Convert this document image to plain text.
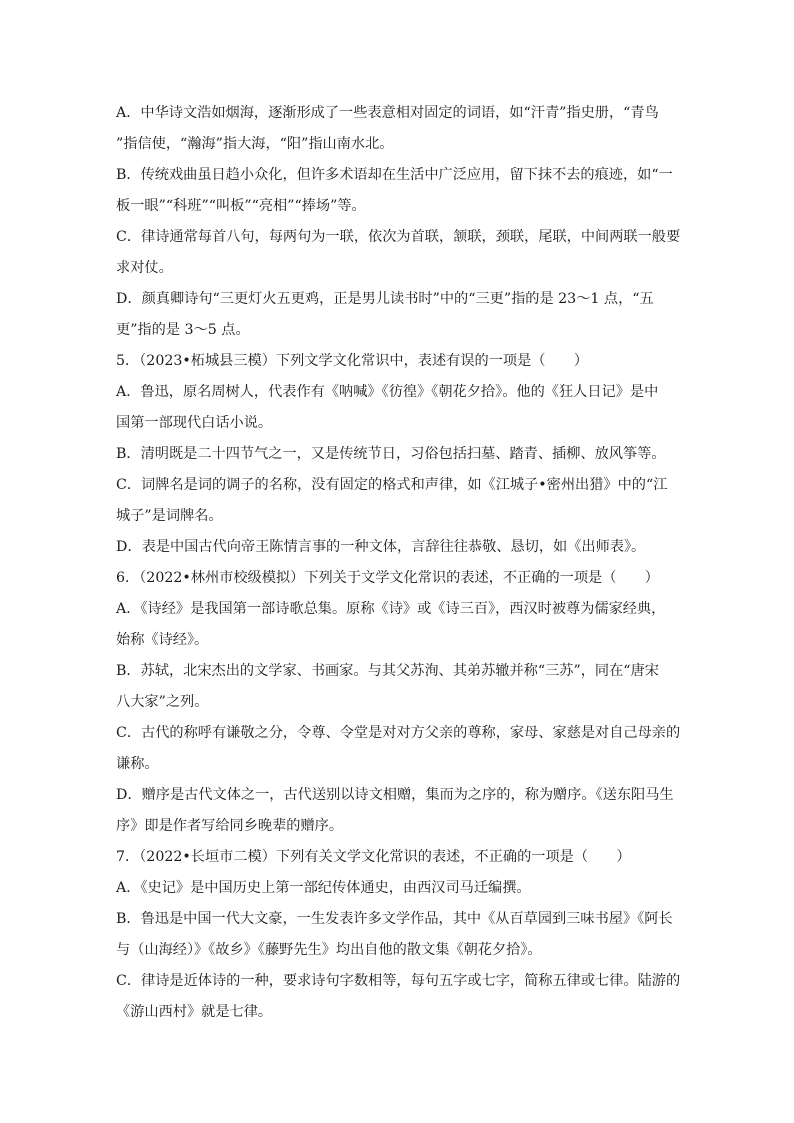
A．中华诗文浩如烟海，逐渐形成了一些表意相对固定的词语，如“汗青”指史册，“青鸟
”指信使，“瀚海”指大海，“阳”指山南水北。
B．传统戏曲虽日趋小众化，但许多术语却在生活中广泛应用，留下抹不去的痕迹，如“一
板一眼”“科班”“叫板”“亮相”“捧场”等。
C．律诗通常每首八句，每两句为一联，依次为首联，颔联，颈联，尾联，中间两联一般要
求对仗。
D．颜真卿诗句“三更灯火五更鸡，正是男儿读书时”中的“三更”指的是 23～1 点，“五
更”指的是 3～5 点。
5．（2023•柘城县三模）下列文学文化常识中，表述有误的一项是（　　）
A．鲁迅，原名周树人，代表作有《呐喊》《彷徨》《朝花夕拾》。他的《狂人日记》是中
国第一部现代白话小说。
B．清明既是二十四节气之一，又是传统节日，习俗包括扫墓、踏青、插柳、放风筝等。
C．词牌名是词的调子的名称，没有固定的格式和声律，如《江城子•密州出猎》中的“江
城子”是词牌名。
D．表是中国古代向帝王陈情言事的一种文体，言辞往往恭敬、恳切，如《出师表》。
6．（2022•林州市校级模拟）下列关于文学文化常识的表述，不正确的一项是（　　）
A．《诗经》是我国第一部诗歌总集。原称《诗》或《诗三百》，西汉时被尊为儒家经典，
始称《诗经》。
B．苏轼，北宋杰出的文学家、书画家。与其父苏洵、其弟苏辙并称“三苏”，同在“唐宋
八大家”之列。
C．古代的称呼有谦敬之分，令尊、令堂是对对方父亲的尊称，家母、家慈是对自己母亲的
谦称。
D．赠序是古代文体之一，古代送别以诗文相赠，集而为之序的，称为赠序。《送东阳马生
序》即是作者写给同乡晚辈的赠序。
7．（2022•长垣市二模）下列有关文学文化常识的表述，不正确的一项是（　　）
A．《史记》是中国历史上第一部纪传体通史，由西汉司马迁编撰。
B．鲁迅是中国一代大文豪，一生发表许多文学作品，其中《从百草园到三味书屋》《阿长
与（山海经）》《故乡》《藤野先生》均出自他的散文集《朝花夕拾》。
C．律诗是近体诗的一种，要求诗句字数相等，每句五字或七字，简称五律或七律。陆游的
《游山西村》就是七律。
